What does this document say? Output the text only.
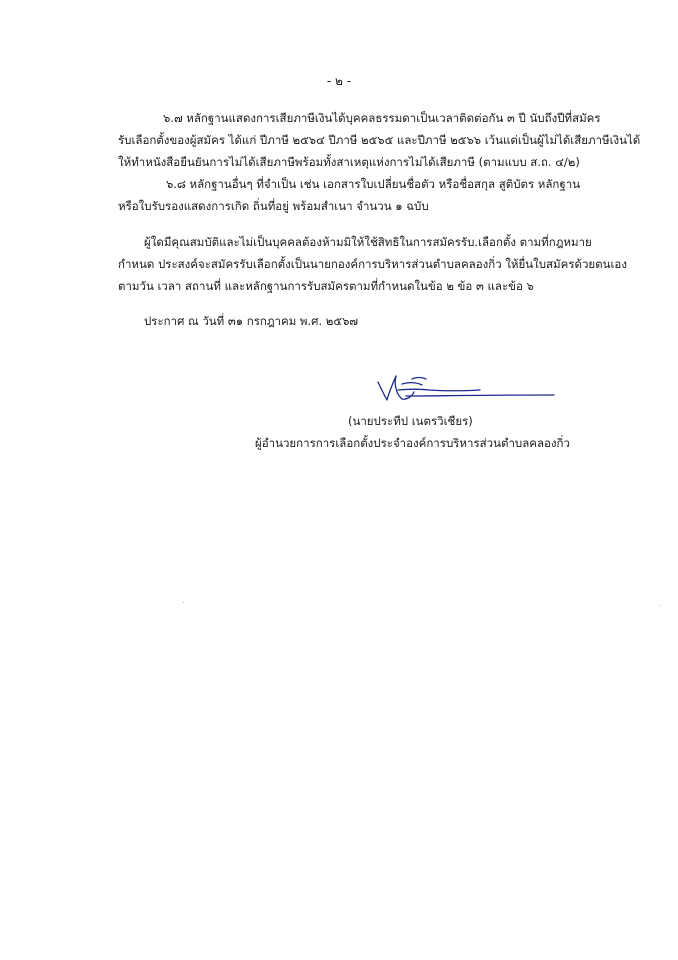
- ๒ -
๖.๗ หลักฐานแสดงการเสียภาษีเงินได้บุคคลธรรมดาเป็นเวลาติดต่อกัน ๓ ปี นับถึงปีที่สมัคร
รับเลือกตั้งของผู้สมัคร ได้แก่ ปีภาษี ๒๕๖๔ ปีภาษี ๒๕๖๕ และปีภาษี ๒๕๖๖ เว้นแต่เป็นผู้ไม่ได้เสียภาษีเงินได้
ให้ทำหนังสือยืนยันการไม่ได้เสียภาษีพร้อมทั้งสาเหตุแห่งการไม่ได้เสียภาษี (ตามแบบ ส.ถ. ๔/๒)
๖.๘ หลักฐานอื่นๆ ที่จำเป็น เช่น เอกสารใบเปลี่ยนชื่อตัว หรือชื่อสกุล สูติบัตร หลักฐาน
หรือใบรับรองแสดงการเกิด ถิ่นที่อยู่ พร้อมสำเนา จำนวน ๑ ฉบับ
ผู้ใดมีคุณสมบัติและไม่เป็นบุคคลต้องห้ามมิให้ใช้สิทธิในการสมัครรับ.เลือกตั้ง ตามที่กฎหมาย
กำหนด ประสงค์จะสมัครรับเลือกตั้งเป็นนายกองค์การบริหารส่วนตำบลคลองกิ่ว ให้ยื่นใบสมัครด้วยตนเอง
ตามวัน เวลา สถานที่ และหลักฐานการรับสมัครตามที่กำหนดในข้อ ๒ ข้อ ๓ และข้อ ๖
ประกาศ ณ วันที่ ๓๑ กรกฎาคม พ.ศ. ๒๕๖๗
(นายประทีป เนตรวิเชียร)
ผู้อำนวยการการเลือกตั้งประจำองค์การบริหารส่วนตำบลคลองกิ่ว
